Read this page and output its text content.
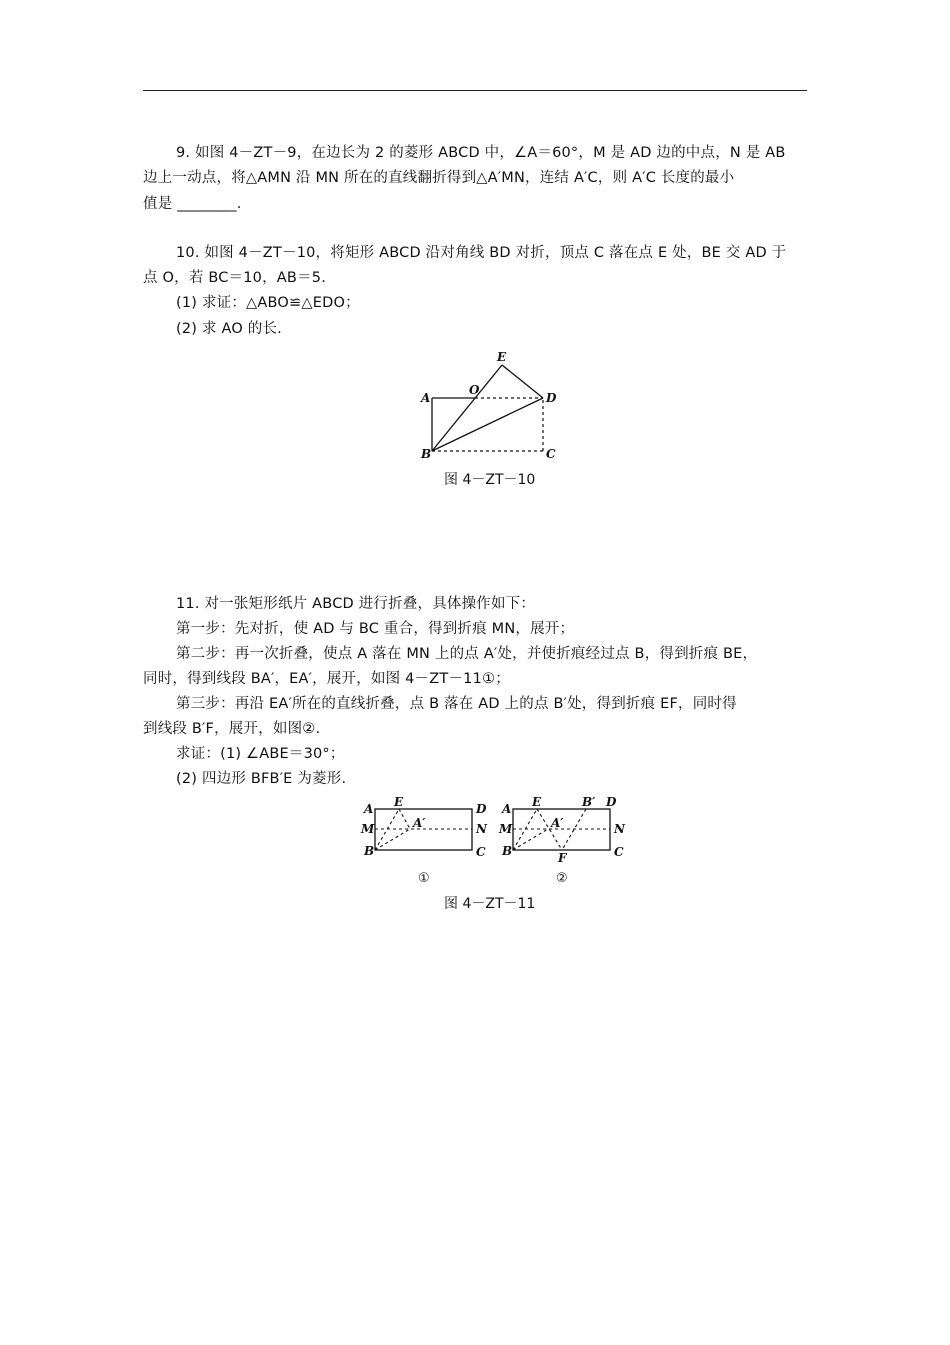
9. 如图 4－ZT－9，在边长为 2 的菱形 ABCD 中，∠A＝60°，M 是 AD 边的中点，N 是 AB
边上一动点，将△AMN 沿 MN 所在的直线翻折得到△A′MN，连结 A′C，则 A′C 长度的最小
值是 ________.
10. 如图 4－ZT－10，将矩形 ABCD 沿对角线 BD 对折，顶点 C 落在点 E 处，BE 交 AD 于
点 O，若 BC＝10，AB＝5.
(1) 求证：△ABO≌△EDO；
(2) 求 AO 的长.
A
B	C
D
E
O
图 4－ZT－10
11. 对一张矩形纸片 ABCD 进行折叠，具体操作如下：
第一步：先对折，使 AD 与 BC 重合，得到折痕 MN，展开；
第二步：再一次折叠，使点 A 落在 MN 上的点 A′处，并使折痕经过点 B，得到折痕 BE，
同时，得到线段 BA′，EA′，展开，如图 4－ZT－11①；
第三步：再沿 EA′所在的直线折叠，点 B 落在 AD 上的点 B′处，得到折痕 EF，同时得
到线段 B′F，展开，如图②.
求证：(1) ∠ABE＝30°；
(2) 四边形 BFB′E 为菱形.
A E	D
M	A′	N
B	C
①
A E	B′ D
M	A′	N
B	F	C
②
图 4－ZT－11
